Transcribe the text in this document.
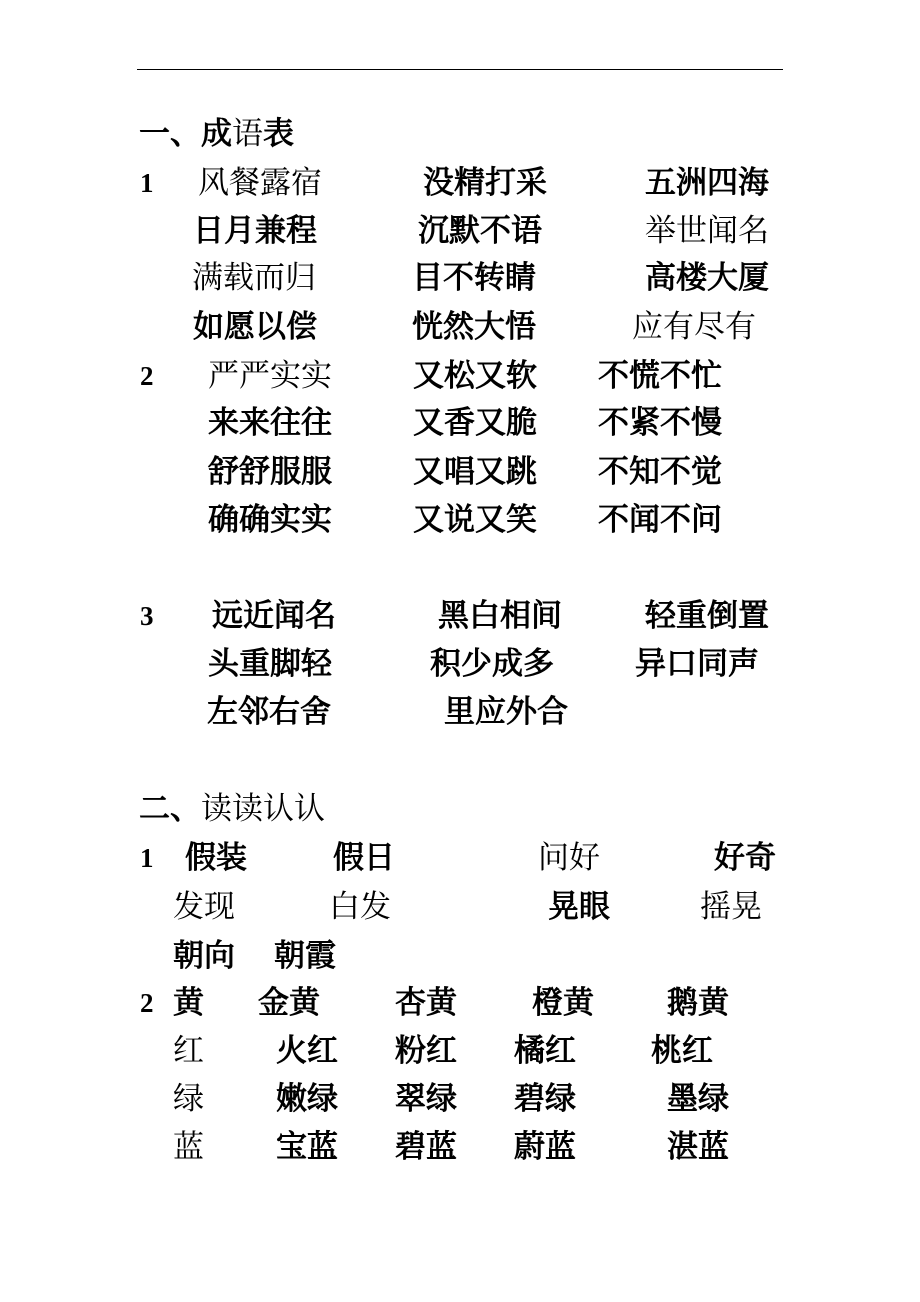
一、成语表
1
2
3
风餐露宿	没精打采	五洲四海
日月兼程	沉默不语	举世闻名
满载而归	目不转睛	高楼大厦
如愿以偿	恍然大悟	应有尽有
严严实实	又松又软 不慌不忙
来来往往	又香又脆 不紧不慢
舒舒服服	又唱又跳 不知不觉
确确实实	又说又笑 不闻不问
远近闻名	黑白相间	轻重倒置
头重脚轻	积少成多	异口同声
左邻右舍	里应外合
二、读读认认
1
2
假装	假日	问好	好奇
发现	白发	晃眼	摇晃
朝向 朝霞
黄 金黄 杏黄 橙黄 鹅黄
红 火红 粉红 橘红 桃红
绿 嫩绿 翠绿 碧绿	墨绿
蓝 宝蓝 碧蓝 蔚蓝	湛蓝
